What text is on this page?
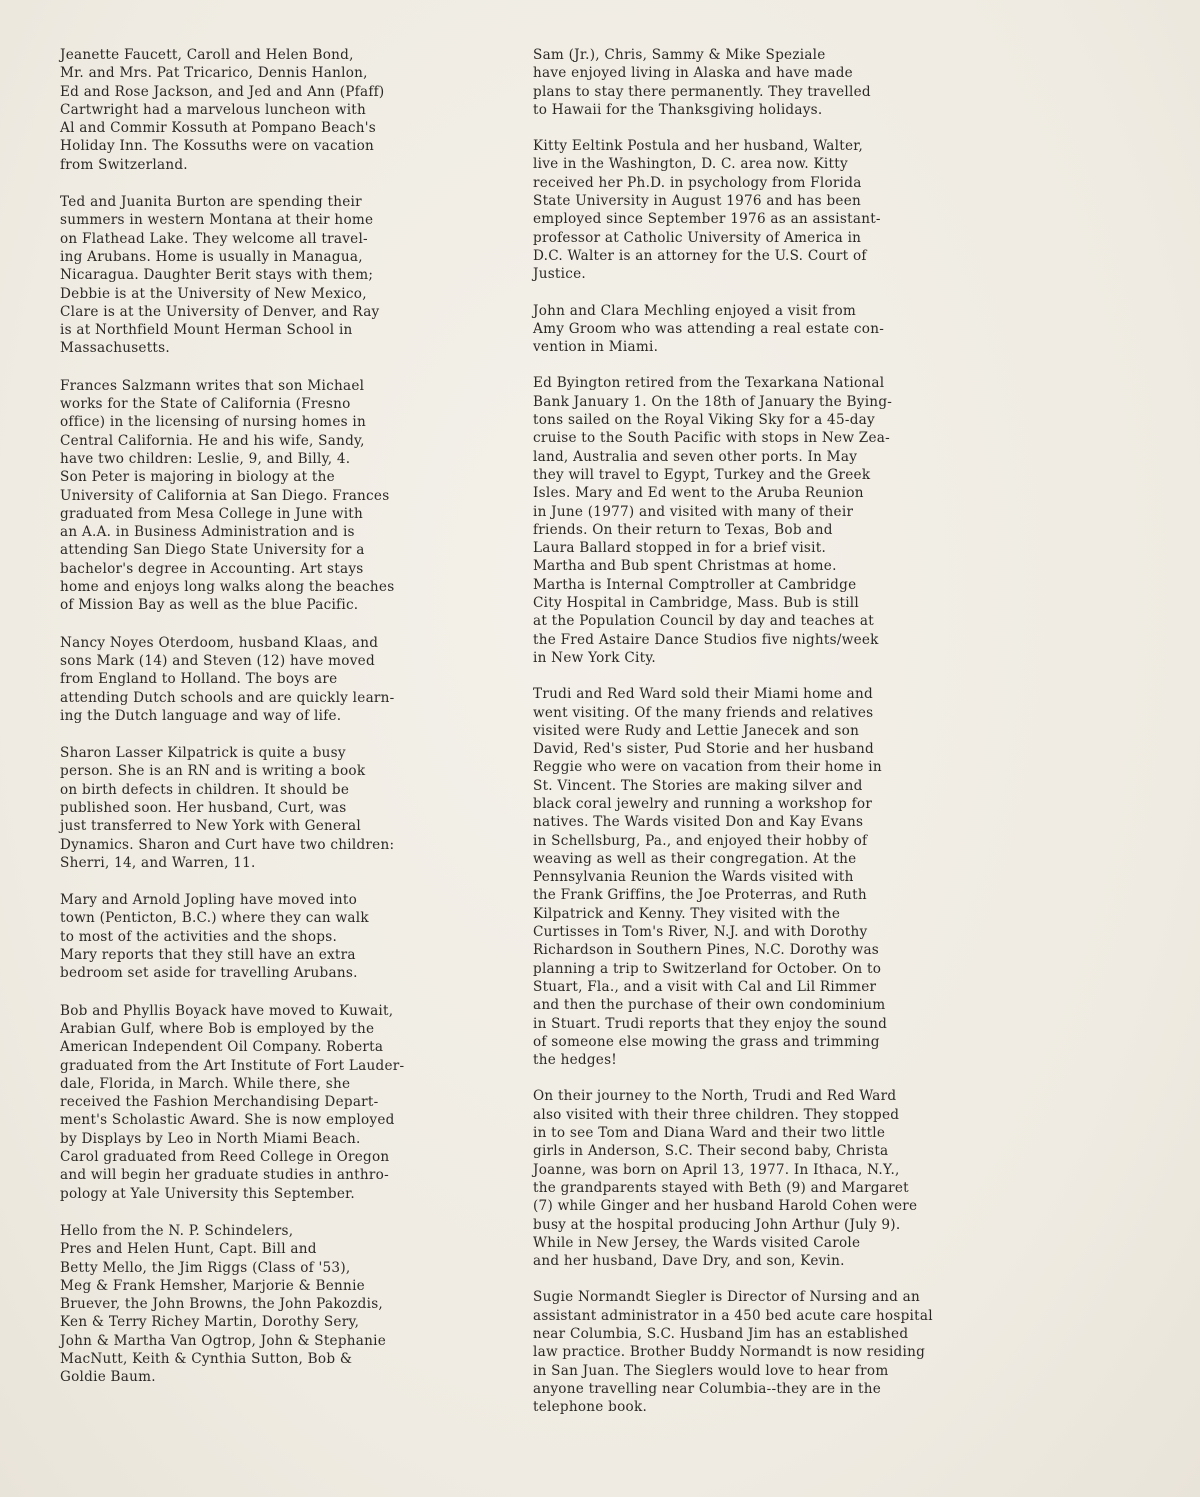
Jeanette Faucett, Caroll and Helen Bond,
Mr. and Mrs. Pat Tricarico, Dennis Hanlon,
Ed and Rose Jackson, and Jed and Ann (Pfaff)
Cartwright had a marvelous luncheon with
Al and Commir Kossuth at Pompano Beach's
Holiday Inn. The Kossuths were on vacation
from Switzerland.

Ted and Juanita Burton are spending their
summers in western Montana at their home
on Flathead Lake. They welcome all travel-
ing Arubans. Home is usually in Managua,
Nicaragua. Daughter Berit stays with them;
Debbie is at the University of New Mexico,
Clare is at the University of Denver, and Ray
is at Northfield Mount Herman School in
Massachusetts.

Frances Salzmann writes that son Michael
works for the State of California (Fresno
office) in the licensing of nursing homes in
Central California. He and his wife, Sandy,
have two children: Leslie, 9, and Billy, 4.
Son Peter is majoring in biology at the
University of California at San Diego. Frances
graduated from Mesa College in June with
an A.A. in Business Administration and is
attending San Diego State University for a
bachelor's degree in Accounting. Art stays
home and enjoys long walks along the beaches
of Mission Bay as well as the blue Pacific.

Nancy Noyes Oterdoom, husband Klaas, and
sons Mark (14) and Steven (12) have moved
from England to Holland. The boys are
attending Dutch schools and are quickly learn-
ing the Dutch language and way of life.

Sharon Lasser Kilpatrick is quite a busy
person. She is an RN and is writing a book
on birth defects in children. It should be
published soon. Her husband, Curt, was
just transferred to New York with General
Dynamics. Sharon and Curt have two children:
Sherri, 14, and Warren, 11.

Mary and Arnold Jopling have moved into
town (Penticton, B.C.) where they can walk
to most of the activities and the shops.
Mary reports that they still have an extra
bedroom set aside for travelling Arubans.

Bob and Phyllis Boyack have moved to Kuwait,
Arabian Gulf, where Bob is employed by the
American Independent Oil Company. Roberta
graduated from the Art Institute of Fort Lauder-
dale, Florida, in March. While there, she
received the Fashion Merchandising Depart-
ment's Scholastic Award. She is now employed
by Displays by Leo in North Miami Beach.
Carol graduated from Reed College in Oregon
and will begin her graduate studies in anthro-
pology at Yale University this September.

Hello from the N. P. Schindelers,
Pres and Helen Hunt, Capt. Bill and
Betty Mello, the Jim Riggs (Class of '53),
Meg & Frank Hemsher, Marjorie & Bennie
Bruever, the John Browns, the John Pakozdis,
Ken & Terry Richey Martin, Dorothy Sery,
John & Martha Van Ogtrop, John & Stephanie
MacNutt, Keith & Cynthia Sutton, Bob &
Goldie Baum.

Sam (Jr.), Chris, Sammy & Mike Speziale
have enjoyed living in Alaska and have made
plans to stay there permanently. They travelled
to Hawaii for the Thanksgiving holidays.

Kitty Eeltink Postula and her husband, Walter,
live in the Washington, D. C. area now. Kitty
received her Ph.D. in psychology from Florida
State University in August 1976 and has been
employed since September 1976 as an assistant-
professor at Catholic University of America in
D.C. Walter is an attorney for the U.S. Court of
Justice.

John and Clara Mechling enjoyed a visit from
Amy Groom who was attending a real estate con-
vention in Miami.

Ed Byington retired from the Texarkana National
Bank January 1. On the 18th of January the Bying-
tons sailed on the Royal Viking Sky for a 45-day
cruise to the South Pacific with stops in New Zea-
land, Australia and seven other ports. In May
they will travel to Egypt, Turkey and the Greek
Isles. Mary and Ed went to the Aruba Reunion
in June (1977) and visited with many of their
friends. On their return to Texas, Bob and
Laura Ballard stopped in for a brief visit.
Martha and Bub spent Christmas at home.
Martha is Internal Comptroller at Cambridge
City Hospital in Cambridge, Mass. Bub is still
at the Population Council by day and teaches at
the Fred Astaire Dance Studios five nights/week
in New York City.

Trudi and Red Ward sold their Miami home and
went visiting. Of the many friends and relatives
visited were Rudy and Lettie Janecek and son
David, Red's sister, Pud Storie and her husband
Reggie who were on vacation from their home in
St. Vincent. The Stories are making silver and
black coral jewelry and running a workshop for
natives. The Wards visited Don and Kay Evans
in Schellsburg, Pa., and enjoyed their hobby of
weaving as well as their congregation. At the
Pennsylvania Reunion the Wards visited with
the Frank Griffins, the Joe Proterras, and Ruth
Kilpatrick and Kenny. They visited with the
Curtisses in Tom's River, N.J. and with Dorothy
Richardson in Southern Pines, N.C. Dorothy was
planning a trip to Switzerland for October. On to
Stuart, Fla., and a visit with Cal and Lil Rimmer
and then the purchase of their own condominium
in Stuart. Trudi reports that they enjoy the sound
of someone else mowing the grass and trimming
the hedges!

On their journey to the North, Trudi and Red Ward
also visited with their three children. They stopped
in to see Tom and Diana Ward and their two little
girls in Anderson, S.C. Their second baby, Christa
Joanne, was born on April 13, 1977. In Ithaca, N.Y.,
the grandparents stayed with Beth (9) and Margaret
(7) while Ginger and her husband Harold Cohen were
busy at the hospital producing John Arthur (July 9).
While in New Jersey, the Wards visited Carole
and her husband, Dave Dry, and son, Kevin.

Sugie Normandt Siegler is Director of Nursing and an
assistant administrator in a 450 bed acute care hospital
near Columbia, S.C. Husband Jim has an established
law practice. Brother Buddy Normandt is now residing
in San Juan. The Sieglers would love to hear from
anyone travelling near Columbia--they are in the
telephone book.
